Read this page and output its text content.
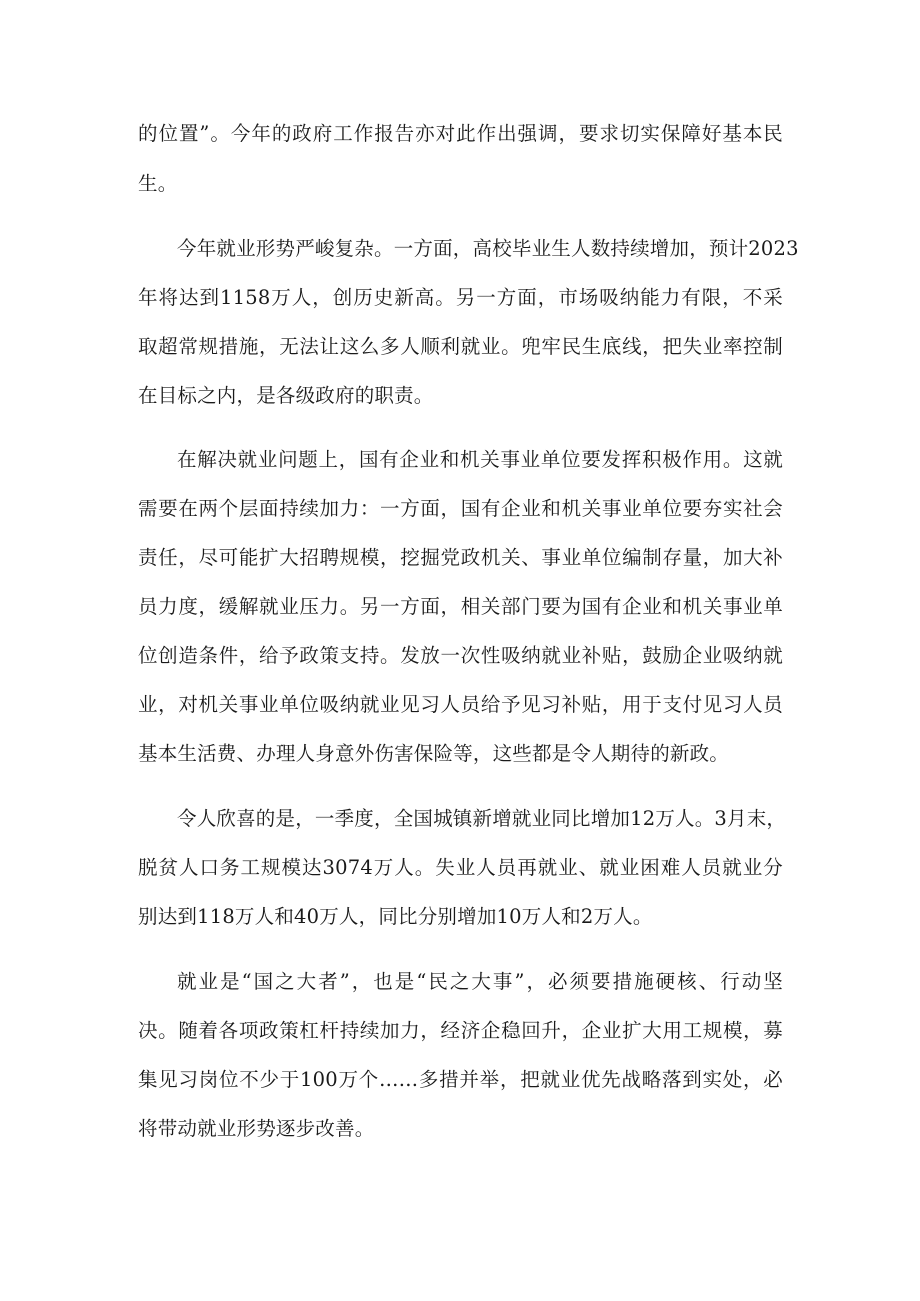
的位置”。今年的政府工作报告亦对此作出强调，要求切实保障好基本民
生。
今年就业形势严峻复杂。一方面，高校毕业生人数持续增加，预计2023
年将达到1158万人，创历史新高。另一方面，市场吸纳能力有限，不采
取超常规措施，无法让这么多人顺利就业。兜牢民生底线，把失业率控制
在目标之内，是各级政府的职责。
在解决就业问题上，国有企业和机关事业单位要发挥积极作用。这就
需要在两个层面持续加力：一方面，国有企业和机关事业单位要夯实社会
责任，尽可能扩大招聘规模，挖掘党政机关、事业单位编制存量，加大补
员力度，缓解就业压力。另一方面，相关部门要为国有企业和机关事业单
位创造条件，给予政策支持。发放一次性吸纳就业补贴，鼓励企业吸纳就
业，对机关事业单位吸纳就业见习人员给予见习补贴，用于支付见习人员
基本生活费、办理人身意外伤害保险等，这些都是令人期待的新政。
令人欣喜的是，一季度，全国城镇新增就业同比增加12万人。3月末，
脱贫人口务工规模达3074万人。失业人员再就业、就业困难人员就业分
别达到118万人和40万人，同比分别增加10万人和2万人。
就业是“国之大者”，也是“民之大事”，必须要措施硬核、行动坚
决。随着各项政策杠杆持续加力，经济企稳回升，企业扩大用工规模，募
集见习岗位不少于100万个……多措并举，把就业优先战略落到实处，必
将带动就业形势逐步改善。
